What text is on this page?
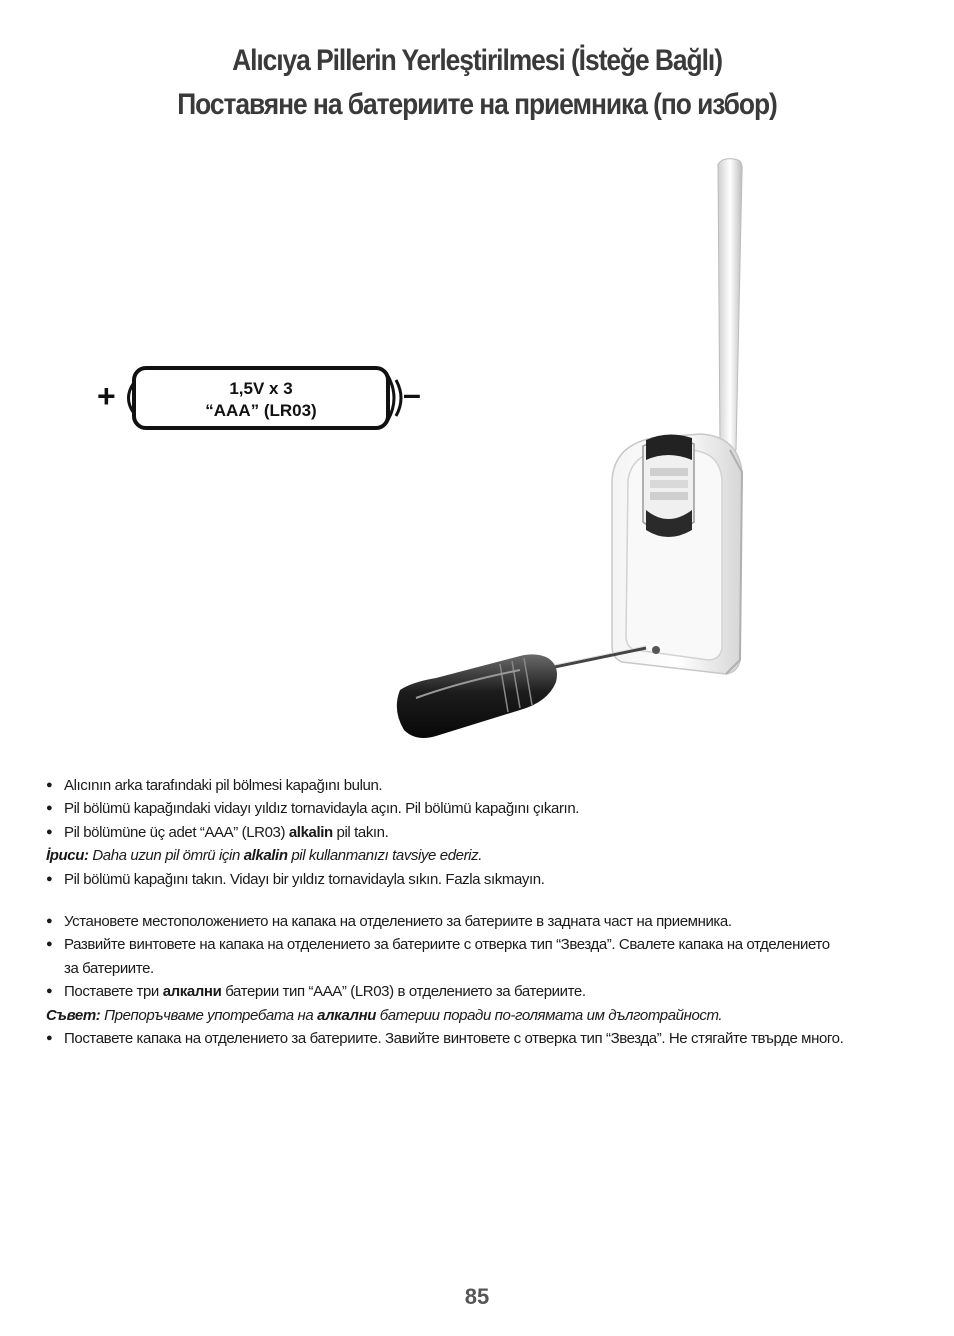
Alıcıya Pillerin Yerleştirilmesi (İsteğe Bağlı)
Поставяне на батериите на приемника (по избор)
+	1,5V x 3
“AAA” (LR03)	–
● Alıcının arka tarafındaki pil bölmesi kapağını bulun.
● Pil bölümü kapağındaki vidayı yıldız tornavidayla açın. Pil bölümü kapağını çıkarın.
● Pil bölümüne üç adet “AAA” (LR03) alkalin pil takın.
İpucu: Daha uzun pil ömrü için alkalin pil kullanmanızı tavsiye ederiz.
● Pil bölümü kapağını takın. Vidayı bir yıldız tornavidayla sıkın. Fazla sıkmayın.
● Установете местоположението на капака на отделението за батериите в задната част на приемника.
● Развийте винтовете на капака на отделението за батериите с отверка тип “Звезда”. Свалете капака на отделението
за батериите.
● Поставете три алкални батерии тип “AAA” (LR03) в отделението за батериите.
Съвет: Препоръчваме употребата на алкални батерии поради по-голямата им дълготрайност.
● Поставете капака на отделението за батериите. Завийте винтовете с отверка тип “Звезда”. Не стягайте твърде много.
85
